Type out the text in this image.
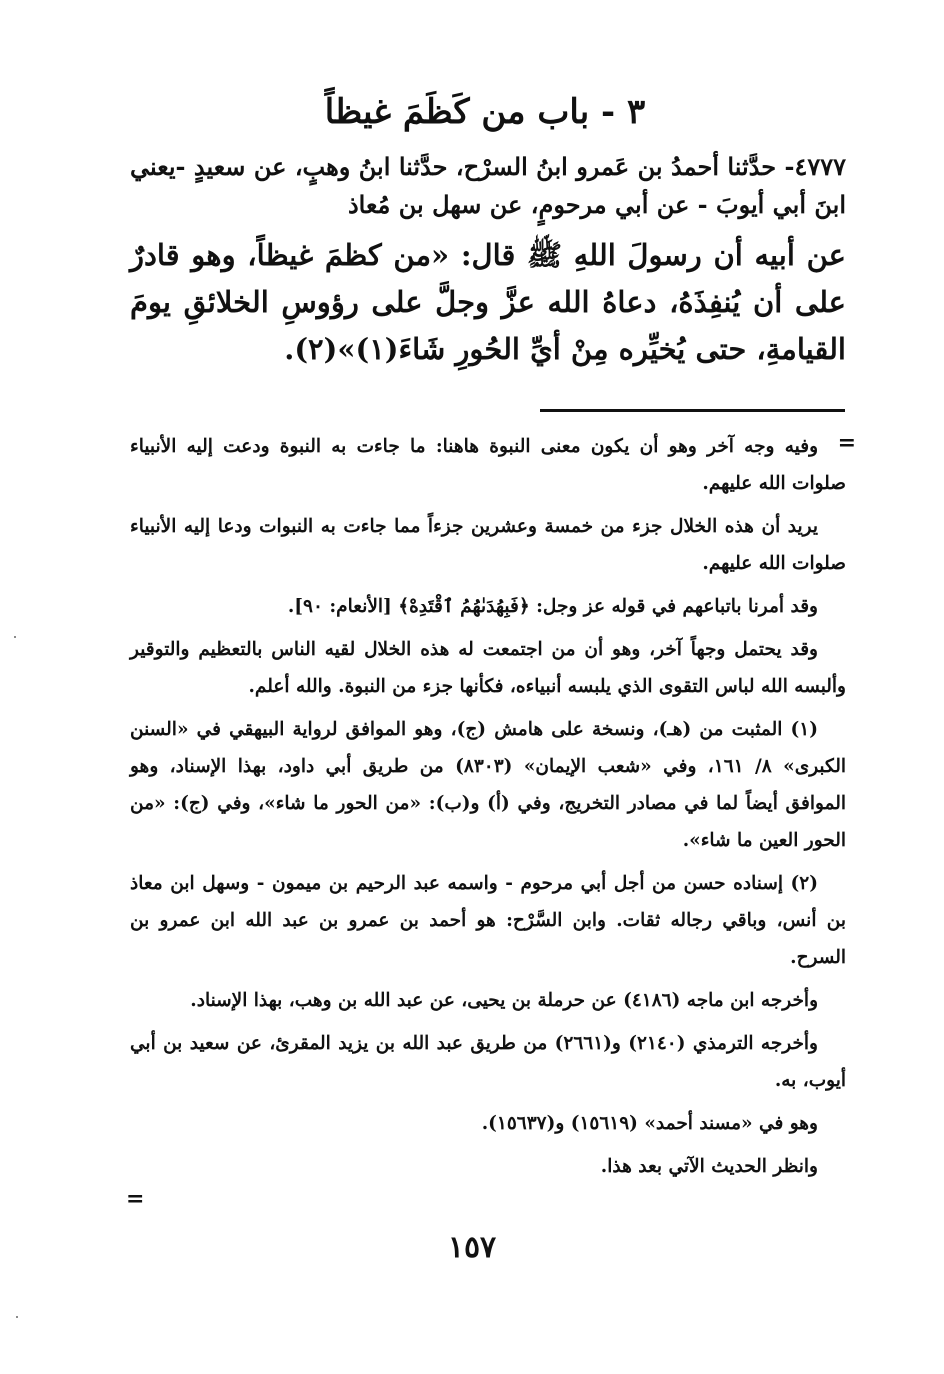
٣ - باب من كَظَمَ غيظاً

٤٧٧٧- حدَّثنا أحمدُ بن عَمرو ابنُ السرْح، حدَّثنا ابنُ وهبٍ، عن سعيدٍ -يعني ابنَ أبي أيوبَ - عن أبي مرحومٍ، عن سهل بن مُعاذ

عن أبيه أن رسولَ اللهِ ﷺ قال: «من كظمَ غيظاً، وهو قادرٌ على أن يُنفِذَهُ، دعاهُ الله عزَّ وجلَّ على رؤوسِ الخلائقِ يومَ القيامةِ، حتى يُخيِّره مِنْ أيِّ الحُورِ شَاءَ(١)»(٢).

=

وفيه وجه آخر وهو أن يكون معنى النبوة هاهنا: ما جاءت به النبوة ودعت إليه الأنبياء صلوات الله عليهم.

يريد أن هذه الخلال جزء من خمسة وعشرين جزءاً مما جاءت به النبوات ودعا إليه الأنبياء صلوات الله عليهم.

وقد أمرنا باتباعهم في قوله عز وجل: ﴿فَبِهُدَىٰهُمُ ٱقْتَدِهْ﴾ [الأنعام: ٩٠].

وقد يحتمل وجهاً آخر، وهو أن من اجتمعت له هذه الخلال لقيه الناس بالتعظيم والتوقير وألبسه الله لباس التقوى الذي يلبسه أنبياءه، فكأنها جزء من النبوة. والله أعلم.

(١) المثبت من (هـ)، ونسخة على هامش (ج)، وهو الموافق لرواية البيهقي في «السنن الكبرى» ٨/ ١٦١، وفي «شعب الإيمان» (٨٣٠٣) من طريق أبي داود، بهذا الإسناد، وهو الموافق أيضاً لما في مصادر التخريج، وفي (أ) و(ب): «من الحور ما شاء»، وفي (ج): «من الحور العين ما شاء».

(٢) إسناده حسن من أجل أبي مرحوم - واسمه عبد الرحيم بن ميمون - وسهل ابن معاذ بن أنس، وباقي رجاله ثقات. وابن السَّرْح: هو أحمد بن عمرو بن عبد الله ابن عمرو بن السرح.

وأخرجه ابن ماجه (٤١٨٦) عن حرملة بن يحيى، عن عبد الله بن وهب، بهذا الإسناد.

وأخرجه الترمذي (٢١٤٠) و(٢٦٦١) من طريق عبد الله بن يزيد المقرئ، عن سعيد بن أبي أيوب، به.

وهو في «مسند أحمد» (١٥٦١٩) و(١٥٦٣٧).

وانظر الحديث الآتي بعد هذا.

=
١٥٧
